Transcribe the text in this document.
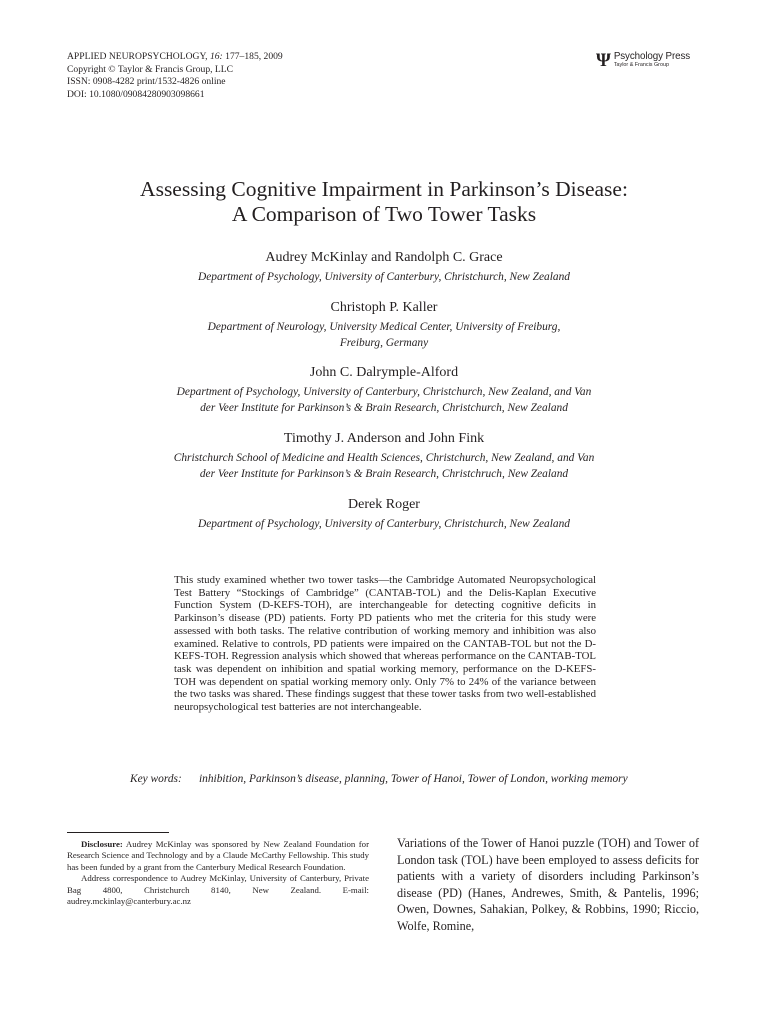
APPLIED NEUROPSYCHOLOGY, 16: 177–185, 2009
Copyright © Taylor & Francis Group, LLC
ISSN: 0908-4282 print/1532-4826 online
DOI: 10.1080/09084280903098661
Ψ Psychology Press
Taylor & Francis Group
Assessing Cognitive Impairment in Parkinson’s Disease:
A Comparison of Two Tower Tasks
Audrey McKinlay and Randolph C. Grace
Department of Psychology, University of Canterbury, Christchurch, New Zealand
Christoph P. Kaller
Department of Neurology, University Medical Center, University of Freiburg,
Freiburg, Germany
John C. Dalrymple-Alford
Department of Psychology, University of Canterbury, Christchurch, New Zealand, and Van
der Veer Institute for Parkinson’s & Brain Research, Christchurch, New Zealand
Timothy J. Anderson and John Fink
Christchurch School of Medicine and Health Sciences, Christchurch, New Zealand, and Van
der Veer Institute for Parkinson’s & Brain Research, Christchruch, New Zealand
Derek Roger
Department of Psychology, University of Canterbury, Christchurch, New Zealand
This study examined whether two tower tasks—the Cambridge Automated Neuropsychological Test Battery “Stockings of Cambridge” (CANTAB-TOL) and the Delis-Kaplan Executive Function System (D-KEFS-TOH), are interchangeable for detecting cognitive deficits in Parkinson’s disease (PD) patients. Forty PD patients who met the criteria for this study were assessed with both tasks. The relative contribution of working memory and inhibition was also examined. Relative to controls, PD patients were impaired on the CANTAB-TOL but not the D-KEFS-TOH. Regression analysis which showed that whereas performance on the CANTAB-TOL task was dependent on inhibition and spatial working memory, performance on the D-KEFS-TOH was dependent on spatial working memory only. Only 7% to 24% of the variance between the two tasks was shared. These findings suggest that these tower tasks from two well-established neuropsychological test batteries are not interchangeable.
Key words: inhibition, Parkinson’s disease, planning, Tower of Hanoi, Tower of London, working memory

Disclosure: Audrey McKinlay was sponsored by New Zealand Foundation for Research Science and Technology and by a Claude McCarthy Fellowship. This study has been funded by a grant from the Canterbury Medical Research Foundation.

Address correspondence to Audrey McKinlay, University of Canterbury, Private Bag 4800, Christchurch 8140, New Zealand. E-mail: audrey.mckinlay@canterbury.ac.nz

Variations of the Tower of Hanoi puzzle (TOH) and Tower of London task (TOL) have been employed to assess deficits for patients with a variety of disorders including Parkinson’s disease (PD) (Hanes, Andrewes, Smith, & Pantelis, 1996; Owen, Downes, Sahakian, Polkey, & Robbins, 1990; Riccio, Wolfe, Romine,
